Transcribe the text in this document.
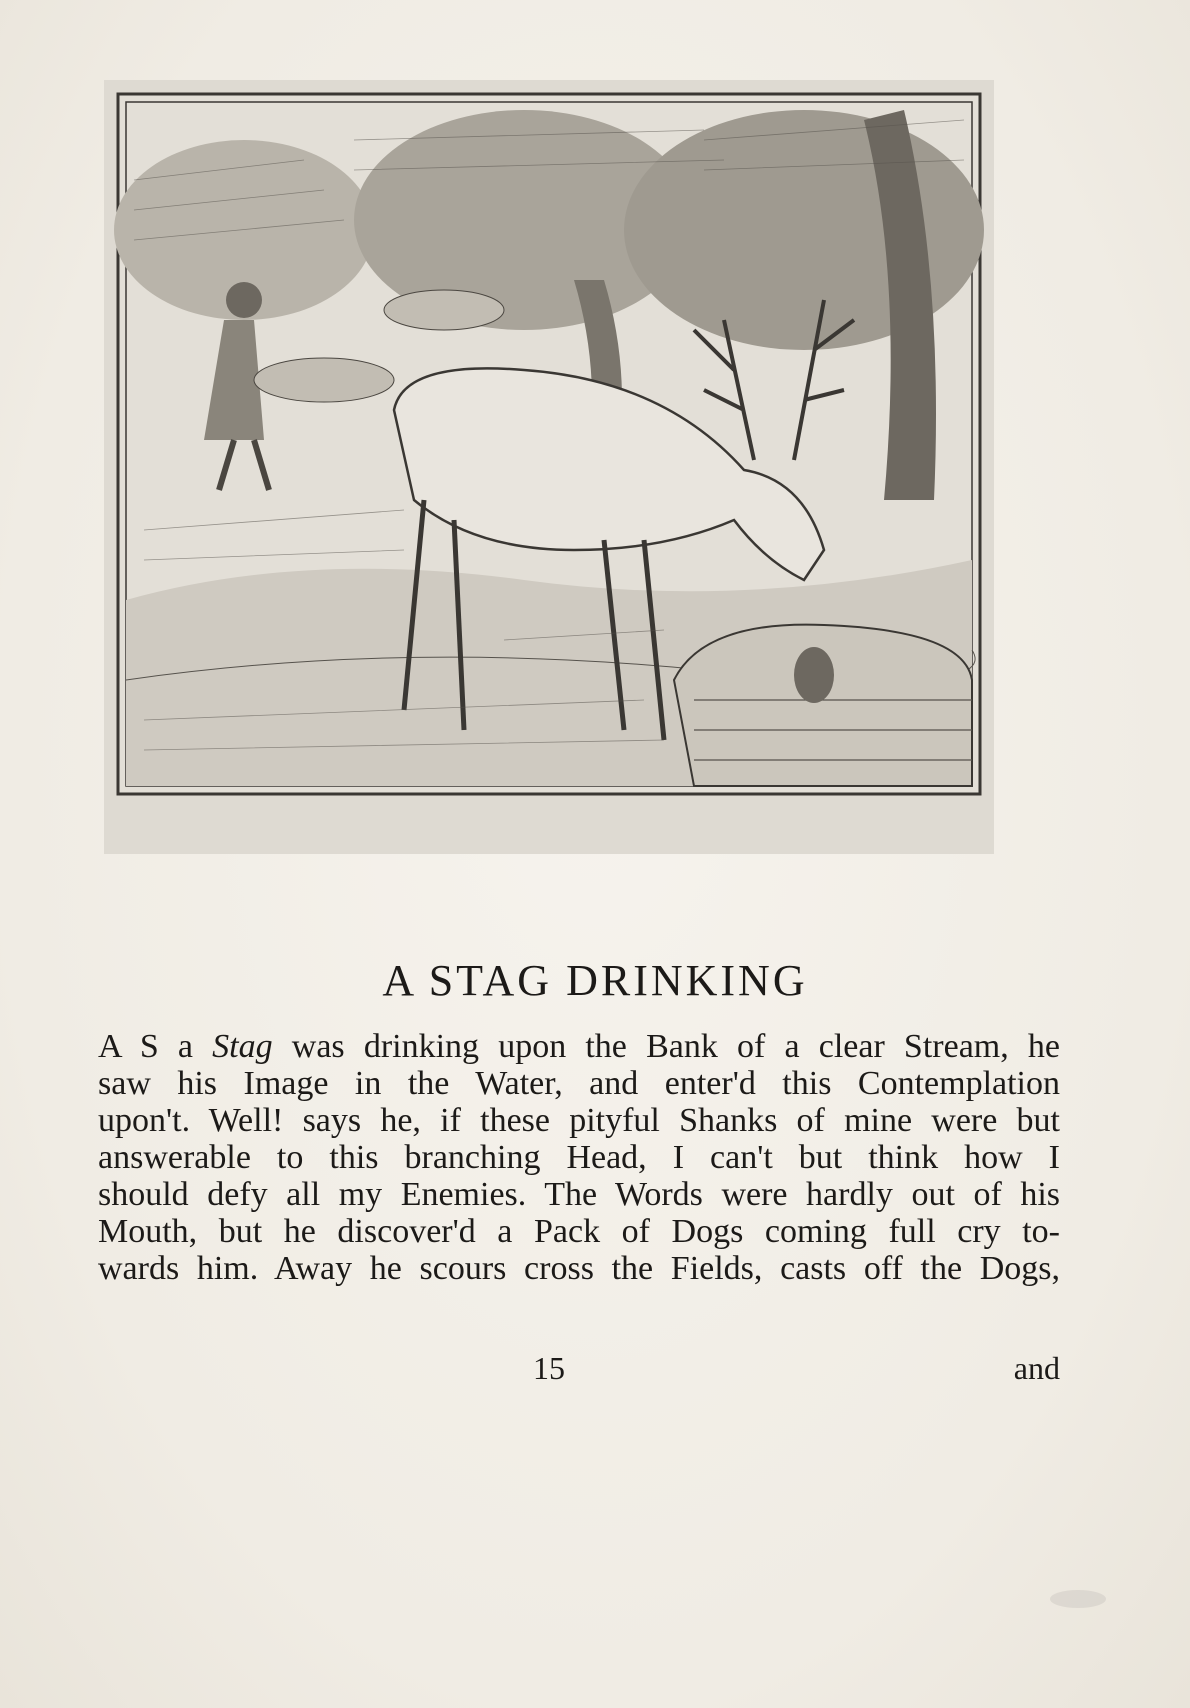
A STAG DRINKING
A S a Stag was drinking upon the Bank of a clear Stream, he
saw his Image in the Water, and enter'd this Contemplation
upon't. Well! says he, if these pityful Shanks of mine were but
answerable to this branching Head, I can't but think how I
should defy all my Enemies. The Words were hardly out of his
Mouth, but he discover'd a Pack of Dogs coming full cry to-
wards him. Away he scours cross the Fields, casts off the Dogs,
15	and
